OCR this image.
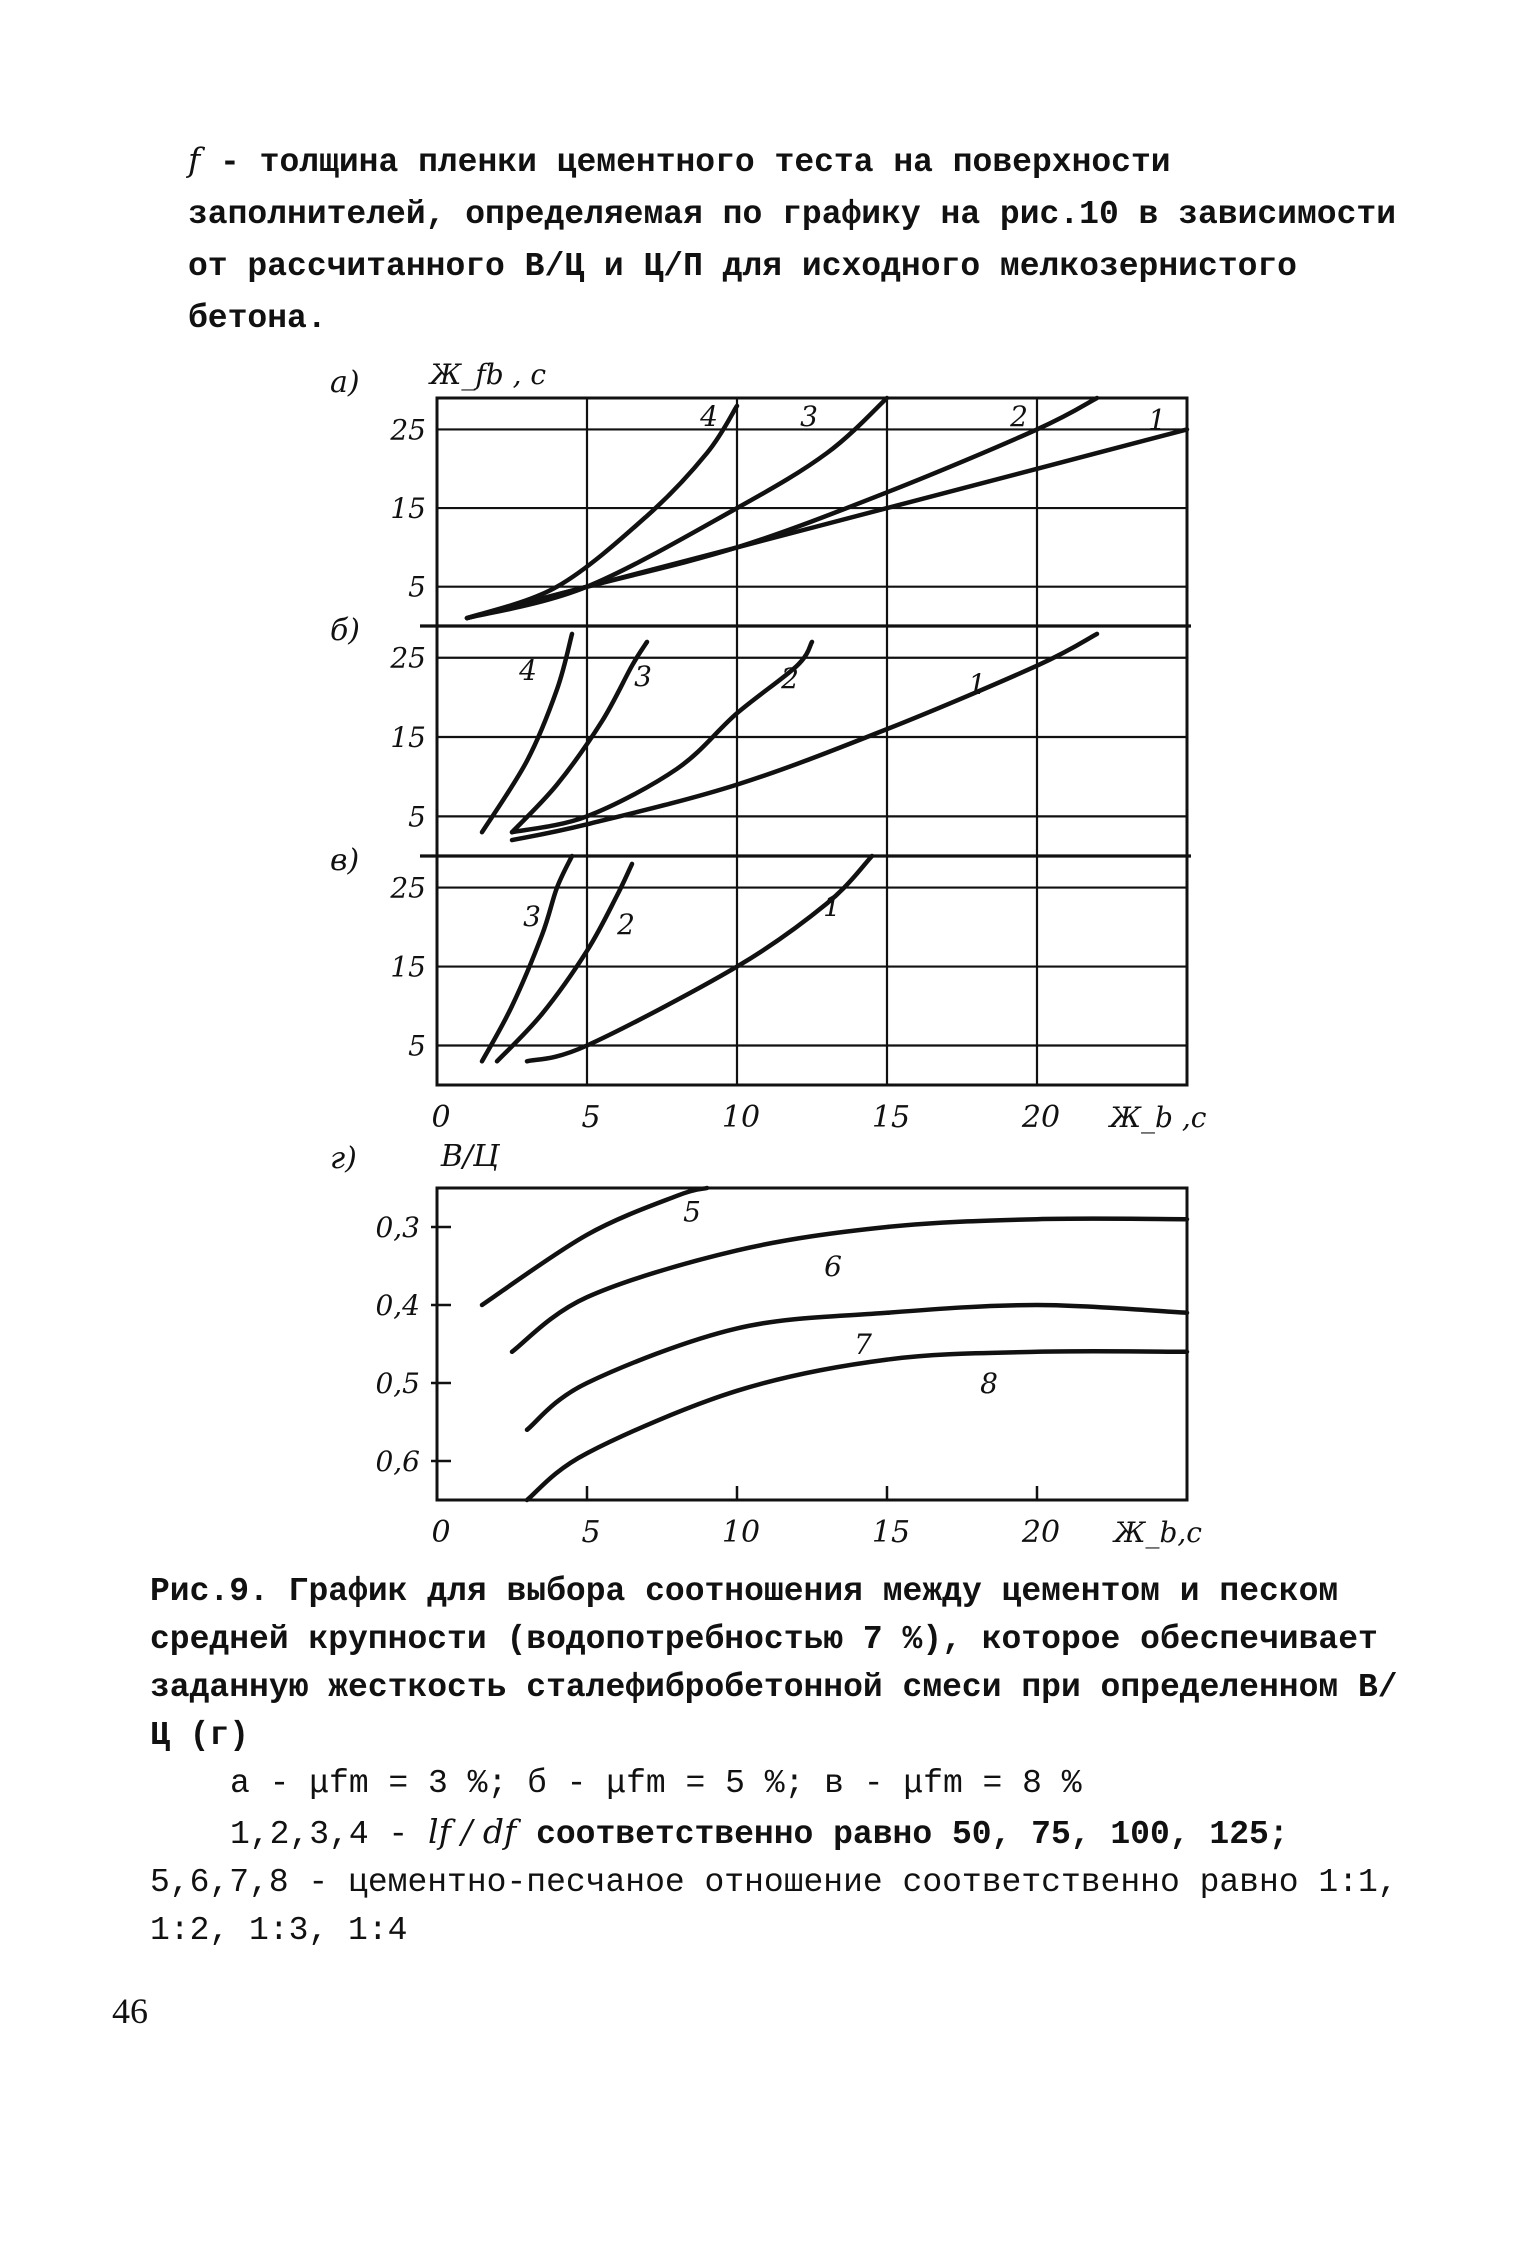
f - толщина пленки цементного теста на поверхности заполнителей, определяемая по графику на рис.10 в зависимости от рассчитанного В/Ц и Ц/П для исходного мелкозернистого бетона.

а)
5
15
25	1
2
3
4
б)
5
15
25
1
2
3
4
в)
5
15
25
1
2
3
Ж_fb , с
0	5	10	15	20 Ж_b ,с
г)	В/Ц
0,3
0,4
0,5
0,6
0	5	10	15	20 Ж_b,с
5
6
7
8
Рис.9. График для выбора соотношения между цементом и песком средней крупности (водопотребностью 7 %), которое обеспечивает заданную жесткость сталефибробетонной смеси при определенном В/Ц (г)
а - μfm = 3 %; б - μfm = 5 %; в - μfm = 8 %
1,2,3,4 - lf / df соответственно равно 50, 75, 100, 125;
5,6,7,8 - цементно-песчаное отношение соответственно равно 1:1, 1:2, 1:3, 1:4
46
